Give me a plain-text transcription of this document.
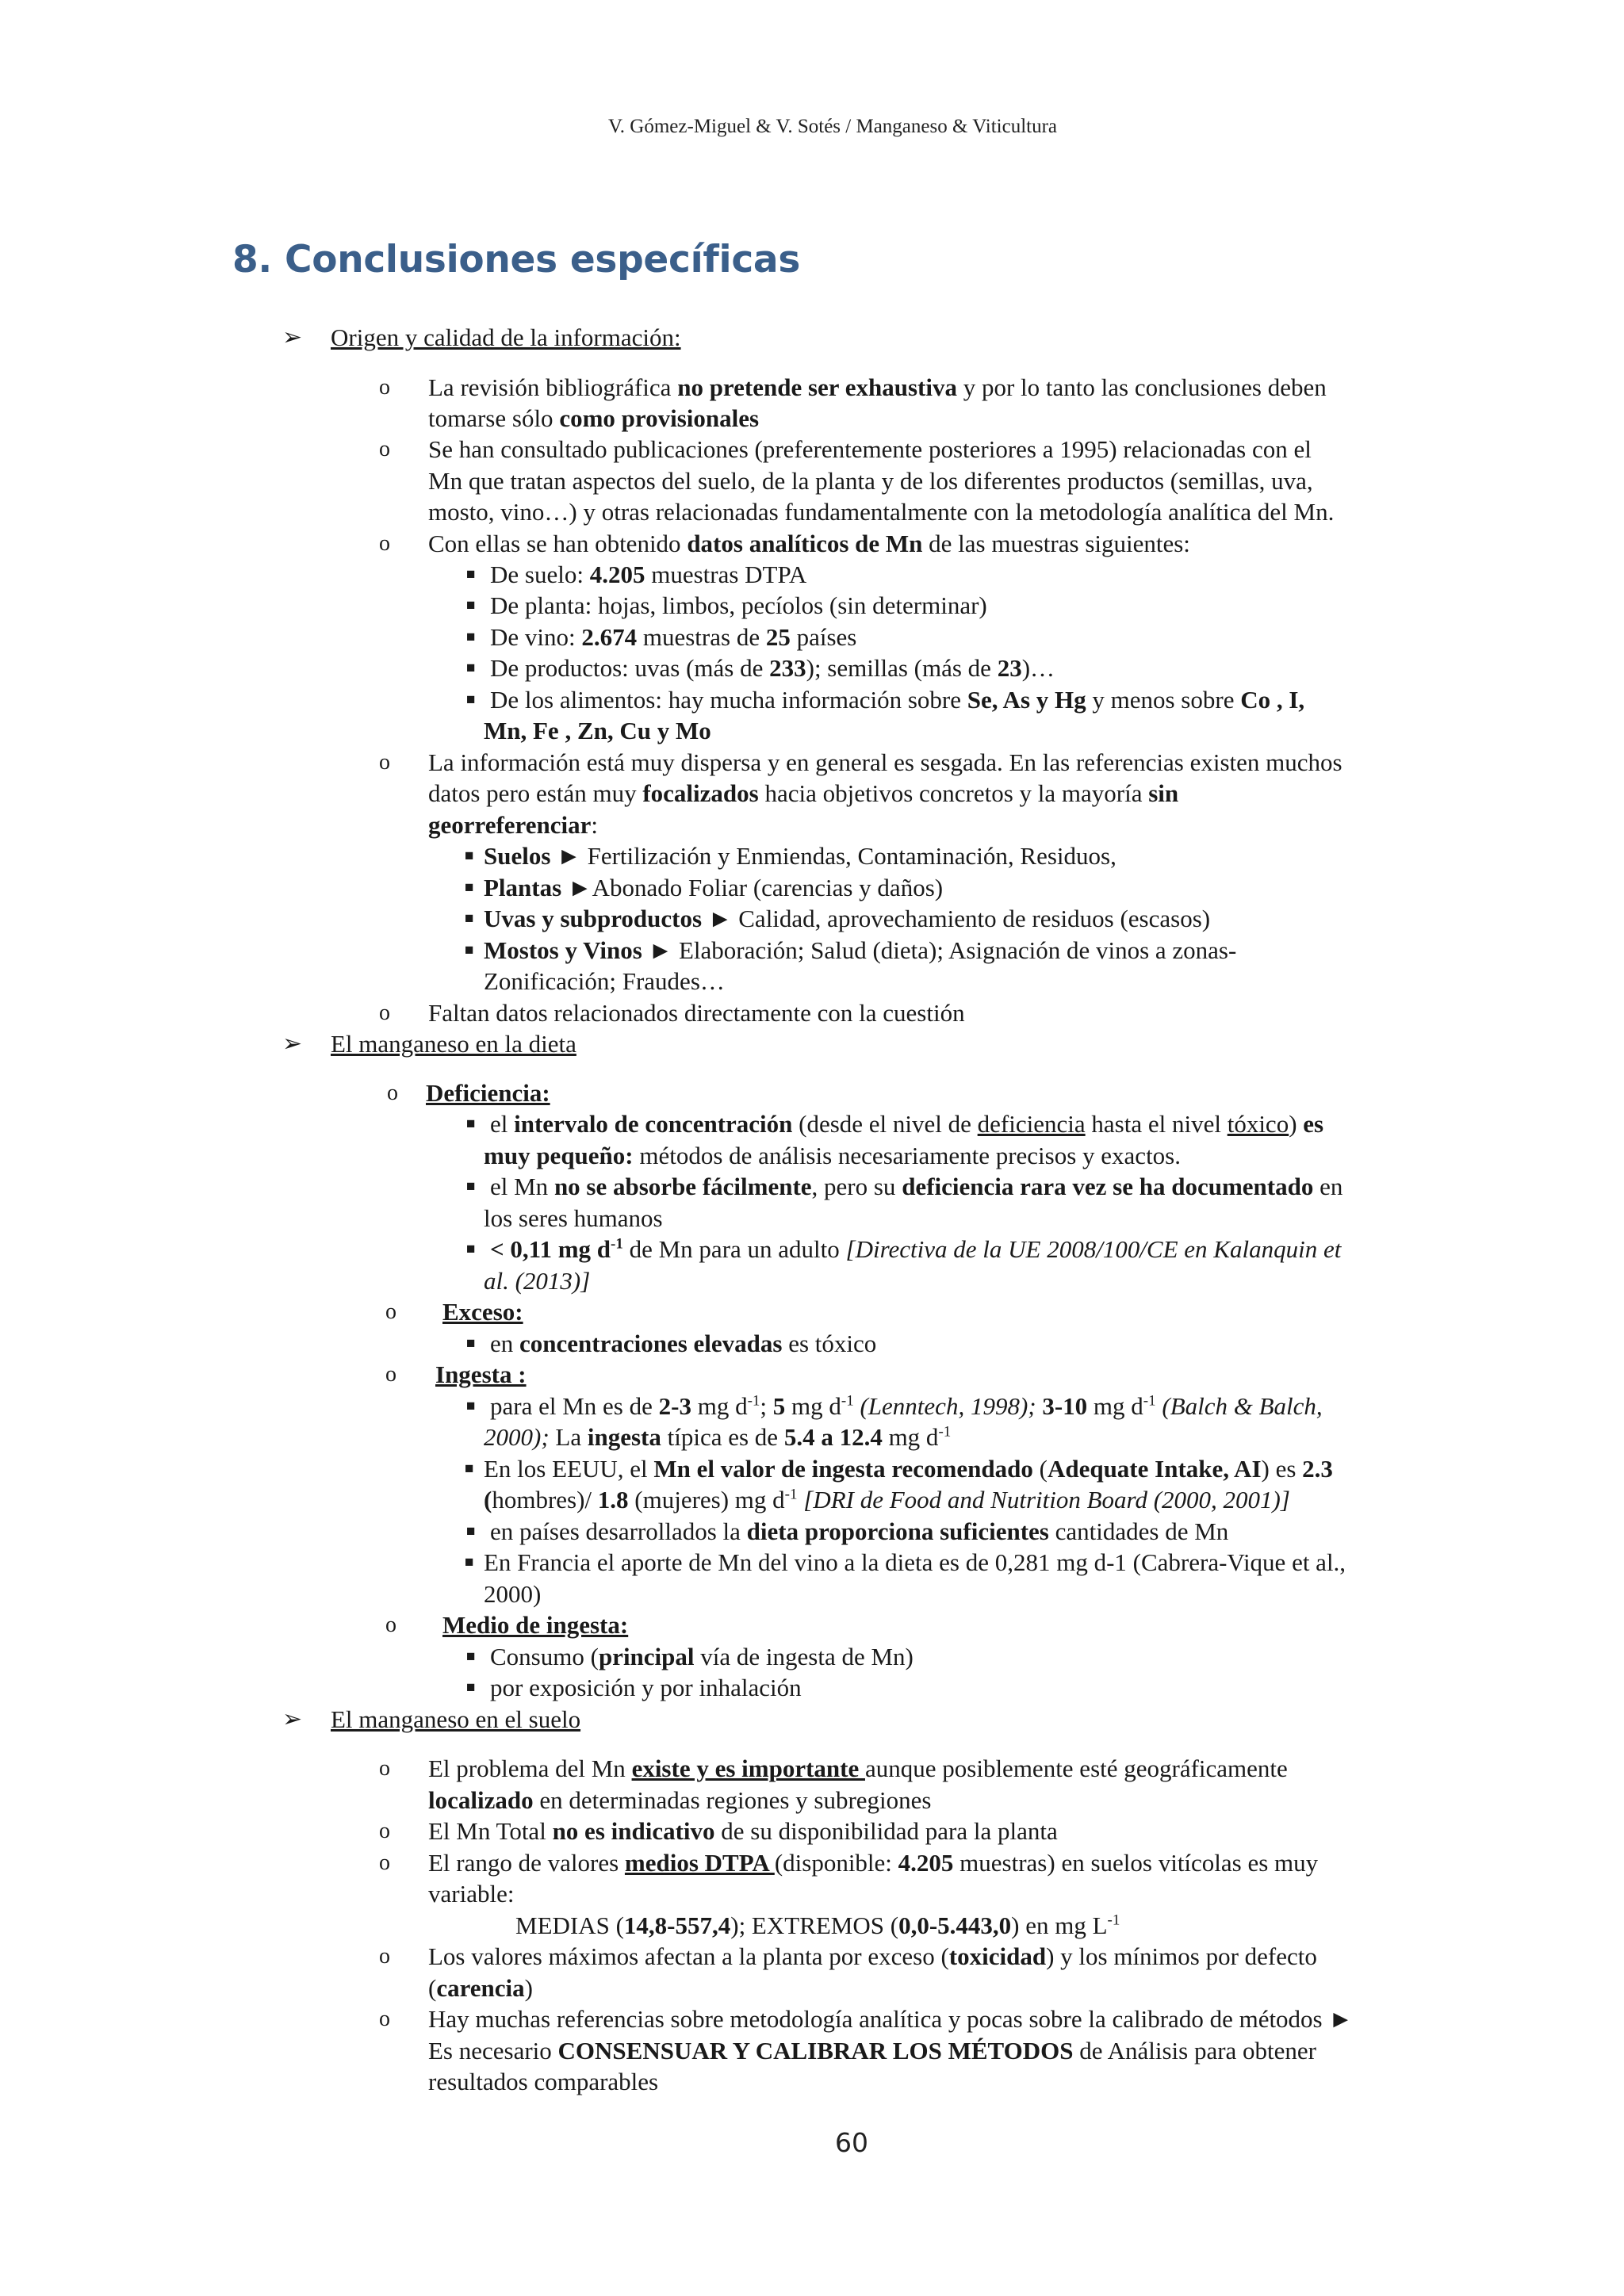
V. Gómez-Miguel & V. Sotés / Manganeso & Viticultura
8. Conclusiones específicas
➢ Origen y calidad de la información:
o La revisión bibliográfica no pretende ser exhaustiva y por lo tanto las conclusiones deben
tomarse sólo como provisionales
o Se han consultado publicaciones (preferentemente posteriores a 1995) relacionadas con el
Mn que tratan aspectos del suelo, de la planta y de los diferentes productos (semillas, uva,
mosto, vino…) y otras relacionadas fundamentalmente con la metodología analítica del Mn.
o Con ellas se han obtenido datos analíticos de Mn de las muestras siguientes:
■ De suelo: 4.205 muestras DTPA
■ De planta: hojas, limbos, pecíolos (sin determinar)
■ De vino: 2.674 muestras de 25 países
■ De productos: uvas (más de 233); semillas (más de 23)…
■ De los alimentos: hay mucha información sobre Se, As y Hg y menos sobre Co , I,
Mn, Fe , Zn, Cu y Mo
o La información está muy dispersa y en general es sesgada. En las referencias existen muchos
datos pero están muy focalizados hacia objetivos concretos y la mayoría sin
georreferenciar:
■ Suelos ► Fertilización y Enmiendas, Contaminación, Residuos,
■ Plantas ►Abonado Foliar (carencias y daños)
■ Uvas y subproductos ► Calidad, aprovechamiento de residuos (escasos)
■ Mostos y Vinos ► Elaboración; Salud (dieta); Asignación de vinos a zonas-
Zonificación; Fraudes…
o Faltan datos relacionados directamente con la cuestión
➢ El manganeso en la dieta
o Deficiencia:
■ el intervalo de concentración (desde el nivel de deficiencia hasta el nivel tóxico) es
muy pequeño: métodos de análisis necesariamente precisos y exactos.
■ el Mn no se absorbe fácilmente, pero su deficiencia rara vez se ha documentado en
los seres humanos
■ < 0,11 mg $d^{-1}$ de Mn para un adulto [Directiva de la UE 2008/100/CE en Kalanquin et
al. (2013)]
o Exceso:
■ en concentraciones elevadas es tóxico
o Ingesta :
■ para el Mn es de 2-3 mg $d^{-1}$; 5 mg $d^{-1}$ (Lenntech, 1998); 3-10 mg $d^{-1}$ (Balch & Balch,
2000); La ingesta típica es de 5.4 a 12.4 mg $d^{-1}$
■ En los EEUU, el Mn el valor de ingesta recomendado (Adequate Intake, AI) es 2.3
(hombres)/ 1.8 (mujeres) mg $d^{-1}$ [DRI de Food and Nutrition Board (2000, 2001)]
■ en países desarrollados la dieta proporciona suficientes cantidades de Mn
■ En Francia el aporte de Mn del vino a la dieta es de 0,281 mg d-1 (Cabrera-Vique et al.,
2000)
o Medio de ingesta:
■ Consumo (principal vía de ingesta de Mn)
■ por exposición y por inhalación
➢ El manganeso en el suelo
o El problema del Mn existe y es importante aunque posiblemente esté geográficamente
localizado en determinadas regiones y subregiones
o El Mn Total no es indicativo de su disponibilidad para la planta
o El rango de valores medios DTPA (disponible: 4.205 muestras) en suelos vitícolas es muy
variable:
MEDIAS (14,8-557,4); EXTREMOS (0,0-5.443,0) en mg $L^{-1}$
o Los valores máximos afectan a la planta por exceso (toxicidad) y los mínimos por defecto
(carencia)
o Hay muchas referencias sobre metodología analítica y pocas sobre la calibrado de métodos ►
Es necesario CONSENSUAR Y CALIBRAR LOS MÉTODOS de Análisis para obtener
resultados comparables
60
